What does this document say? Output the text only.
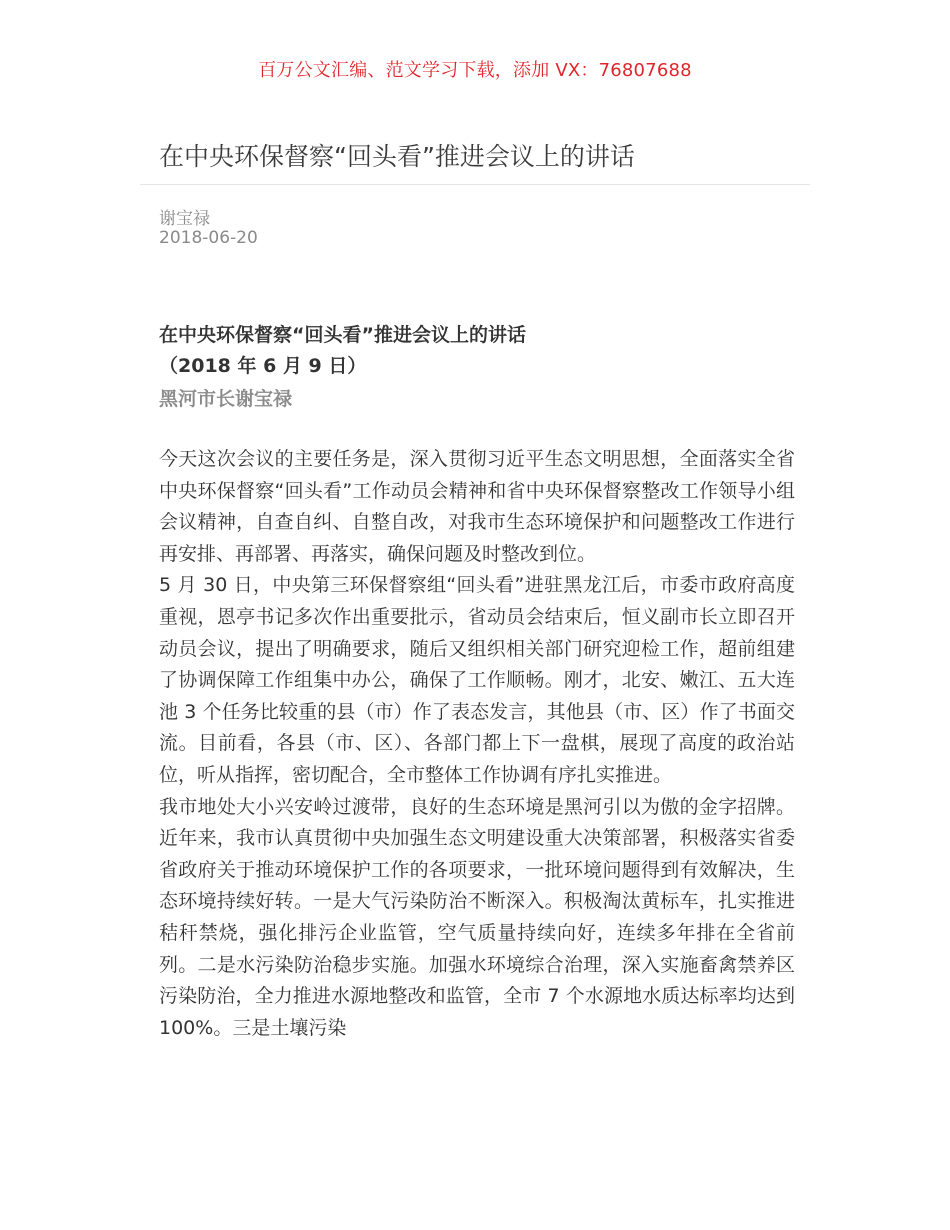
百万公文汇编、范文学习下载，添加 VX：76807688
在中央环保督察“回头看”推进会议上的讲话
谢宝禄
2018-06-20
在中央环保督察“回头看”推进会议上的讲话
（2018 年 6 月 9 日）
黑河市长谢宝禄

今天这次会议的主要任务是，深入贯彻习近平生态文明思想，全面落实全省中央环保督察“回头看”工作动员会精神和省中央环保督察整改工作领导小组会议精神，自查自纠、自整自改，对我市生态环境保护和问题整改工作进行再安排、再部署、再落实，确保问题及时整改到位。

5 月 30 日，中央第三环保督察组“回头看”进驻黑龙江后，市委市政府高度重视，恩亭书记多次作出重要批示，省动员会结束后，恒义副市长立即召开动员会议，提出了明确要求，随后又组织相关部门研究迎检工作，超前组建了协调保障工作组集中办公，确保了工作顺畅。刚才，北安、嫩江、五大连池 3 个任务比较重的县（市）作了表态发言，其他县（市、区）作了书面交流。目前看，各县（市、区）、各部门都上下一盘棋，展现了高度的政治站位，听从指挥，密切配合，全市整体工作协调有序扎实推进。

我市地处大小兴安岭过渡带，良好的生态环境是黑河引以为傲的金字招牌。近年来，我市认真贯彻中央加强生态文明建设重大决策部署，积极落实省委省政府关于推动环境保护工作的各项要求，一批环境问题得到有效解决，生态环境持续好转。一是大气污染防治不断深入。积极淘汰黄标车，扎实推进秸秆禁烧，强化排污企业监管，空气质量持续向好，连续多年排在全省前列。二是水污染防治稳步实施。加强水环境综合治理，深入实施畜禽禁养区污染防治，全力推进水源地整改和监管，全市 7 个水源地水质达标率均达到 100%。三是土壤污染
